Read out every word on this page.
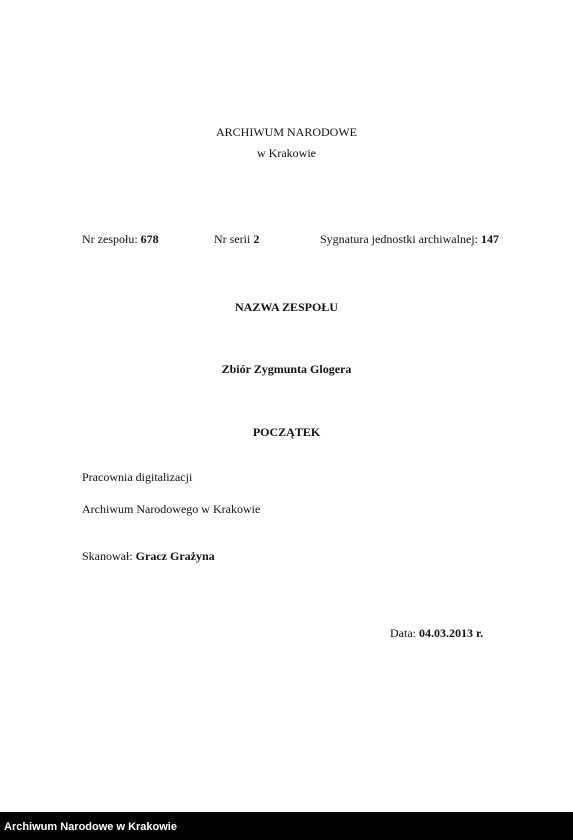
ARCHIWUM NARODOWE
w Krakowie
Nr zespołu: 678	Nr serii 2	Sygnatura jednostki archiwalnej: 147
NAZWA ZESPOŁU
Zbiór Zygmunta Glogera
POCZĄTEK
Pracownia digitalizacji
Archiwum Narodowego w Krakowie
Skanował: Gracz Grażyna
Data: 04.03.2013 r.
Archiwum Narodowe w Krakowie
